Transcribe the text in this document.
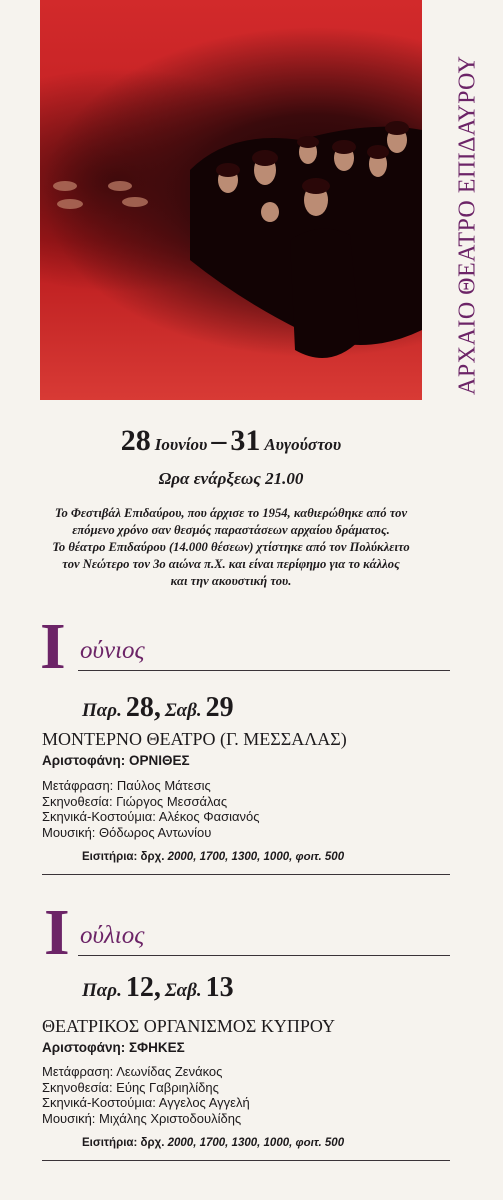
ΑΡΧΑΙΟ ΘΕΑΤΡΟ ΕΠΙΔΑΥΡΟΥ
28 Ιουνίου – 31 Αυγούστου
Ωρα ενάρξεως 21.00
Το Φεστιβάλ Επιδαύρου, που άρχισε το 1954, καθιερώθηκε από τον
επόμενο χρόνο σαν θεσμός παραστάσεων αρχαίου δράματος.
Το θέατρο Επιδαύρου (14.000 θέσεων) χτίστηκε από τον Πολύκλειτο
τον Νεώτερο τον 3ο αιώνα π.Χ. και είναι περίφημο για το κάλλος
και την ακουστική του.
I ούνιος
Παρ. 28, Σαβ. 29
ΜΟΝΤΕΡΝΟ ΘΕΑΤΡΟ (Γ. ΜΕΣΣΑΛΑΣ)
Αριστοφάνη: ΟΡΝΙΘΕΣ
Μετάφραση: Παύλος Μάτεσις
Σκηνοθεσία: Γιώργος Μεσσάλας
Σκηνικά-Κοστούμια: Αλέκος Φασιανός
Μουσική: Θόδωρος Αντωνίου
Εισιτήρια: δρχ. 2000, 1700, 1300, 1000, φοιτ. 500
I ούλιος
Παρ. 12, Σαβ. 13
ΘΕΑΤΡΙΚΟΣ ΟΡΓΑΝΙΣΜΟΣ ΚΥΠΡΟΥ
Αριστοφάνη: ΣΦΗΚΕΣ
Μετάφραση: Λεωνίδας Ζενάκος
Σκηνοθεσία: Εύης Γαβριηλίδης
Σκηνικά-Κοστούμια: Αγγελος Αγγελή
Μουσική: Μιχάλης Χριστοδουλίδης
Εισιτήρια: δρχ. 2000, 1700, 1300, 1000, φοιτ. 500
